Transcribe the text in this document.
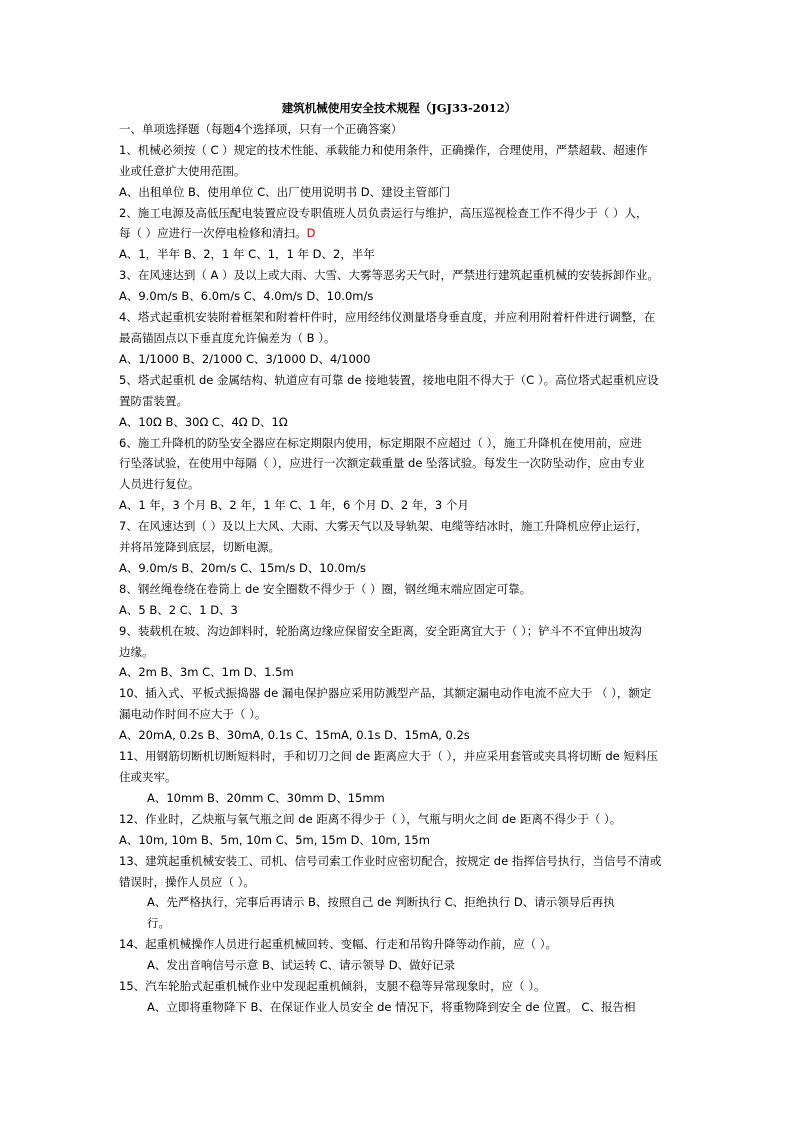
建筑机械使用安全技术规程（JGJ33-2012）
一、单项选择题（每题4个选择项，只有一个正确答案）
1、机械必须按（ C ）规定的技术性能、承载能力和使用条件，正确操作，合理使用，严禁超载、超速作
业或任意扩大使用范围。
A、出租单位 B、使用单位 C、出厂使用说明书 D、建设主管部门
2、施工电源及高低压配电装置应设专职值班人员负责运行与维护，高压巡视检查工作不得少于（ ）人，
每（ ）应进行一次停电检修和清扫。D
A、1，半年 B、2，1 年 C、1，1 年 D、2，半年
3、在风速达到（ A ）及以上或大雨、大雪、大雾等恶劣天气时，严禁进行建筑起重机械的安装拆卸作业。
A、9.0m/s B、6.0m/s C、4.0m/s D、10.0m/s
4、塔式起重机安装附着框架和附着杆件时，应用经纬仪测量塔身垂直度，并应利用附着杆件进行调整，在
最高锚固点以下垂直度允许偏差为（ B ）。
A、1/1000 B、2/1000 C、3/1000 D、4/1000
5、塔式起重机 de 金属结构、轨道应有可靠 de 接地装置，接地电阻不得大于（C ）。高位塔式起重机应设
置防雷装置。
A、10Ω B、30Ω C、4Ω D、1Ω
6、施工升降机的防坠安全器应在标定期限内使用，标定期限不应超过（ ），施工升降机在使用前，应进
行坠落试验，在使用中每隔（ ），应进行一次额定载重量 de 坠落试验。每发生一次防坠动作，应由专业
人员进行复位。
A、1 年，3 个月 B、2 年，1 年 C、1 年，6 个月 D、2 年，3 个月
7、在风速达到（ ）及以上大风、大雨、大雾天气以及导轨架、电缆等结冰时，施工升降机应停止运行，
并将吊笼降到底层，切断电源。
A、9.0m/s B、20m/s C、15m/s D、10.0m/s
8、钢丝绳卷绕在卷筒上 de 安全圈数不得少于（ ）圈，钢丝绳末端应固定可靠。
A、5 B、2 C、1 D、3
9、装载机在坡、沟边卸料时，轮胎离边缘应保留安全距离，安全距离宜大于（ ）；铲斗不不宜伸出坡沟
边缘。
A、2m B、3m C、1m D、1.5m
10、插入式、平板式振捣器 de 漏电保护器应采用防溅型产品，其额定漏电动作电流不应大于 （ ），额定
漏电动作时间不应大于（ ）。
A、20mA, 0.2s B、30mA, 0.1s C、15mA, 0.1s D、15mA, 0.2s
11、用钢筋切断机切断短料时，手和切刀之间 de 距离应大于（ ），并应采用套管或夹具将切断 de 短料压
住或夹牢。
A、10mm B、20mm C、30mm D、15mm
12、作业时，乙炔瓶与氧气瓶之间 de 距离不得少于（ ），气瓶与明火之间 de 距离不得少于（ ）。
A、10m, 10m B、5m, 10m C、5m, 15m D、10m, 15m
13、建筑起重机械安装工、司机、信号司索工作业时应密切配合，按规定 de 指挥信号执行，当信号不清或
错误时，操作人员应（ ）。
A、先严格执行，完事后再请示 B、按照自己 de 判断执行 C、拒绝执行 D、请示领导后再执
行。
14、起重机械操作人员进行起重机械回转、变幅、行走和吊钩升降等动作前，应（ ）。
A、发出音响信号示意 B、试运转 C、请示领导 D、做好记录
15、汽车轮胎式起重机械作业中发现起重机倾斜，支腿不稳等异常现象时，应（ ）。
A、立即将重物降下 B、在保证作业人员安全 de 情况下，将重物降到安全 de 位置。 C、报告相
